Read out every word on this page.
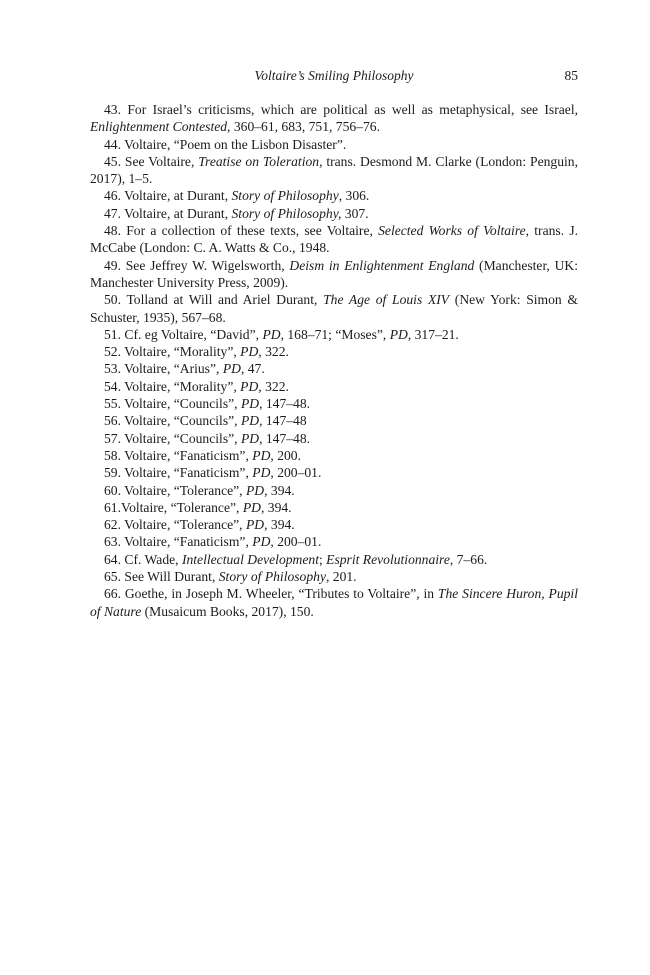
Voltaire’s Smiling Philosophy	85

43. For Israel’s criticisms, which are political as well as metaphysical, see Israel, Enlightenment Contested, 360–61, 683, 751, 756–76.

44. Voltaire, “Poem on the Lisbon Disaster”.

45. See Voltaire, Treatise on Toleration, trans. Desmond M. Clarke (London: Penguin, 2017), 1–5.

46. Voltaire, at Durant, Story of Philosophy, 306.

47. Voltaire, at Durant, Story of Philosophy, 307.

48. For a collection of these texts, see Voltaire, Selected Works of Voltaire, trans. J. McCabe (London: C. A. Watts & Co., 1948.

49. See Jeffrey W. Wigelsworth, Deism in Enlightenment England (Manchester, UK: Manchester University Press, 2009).

50. Tolland at Will and Ariel Durant, The Age of Louis XIV (New York: Simon & Schuster, 1935), 567–68.

51. Cf. eg Voltaire, “David”, PD, 168–71; “Moses”, PD, 317–21.

52. Voltaire, “Morality”, PD, 322.

53. Voltaire, “Arius”, PD, 47.

54. Voltaire, “Morality”, PD, 322.

55. Voltaire, “Councils”, PD, 147–48.

56. Voltaire, “Councils”, PD, 147–48

57. Voltaire, “Councils”, PD, 147–48.

58. Voltaire, “Fanaticism”, PD, 200.

59. Voltaire, “Fanaticism”, PD, 200–01.

60. Voltaire, “Tolerance”, PD, 394.

61.Voltaire, “Tolerance”, PD, 394.

62. Voltaire, “Tolerance”, PD, 394.

63. Voltaire, “Fanaticism”, PD, 200–01.

64. Cf. Wade, Intellectual Development; Esprit Revolutionnaire, 7–66.

65. See Will Durant, Story of Philosophy, 201.

66. Goethe, in Joseph M. Wheeler, “Tributes to Voltaire”, in The Sincere Huron, Pupil of Nature (Musaicum Books, 2017), 150.
